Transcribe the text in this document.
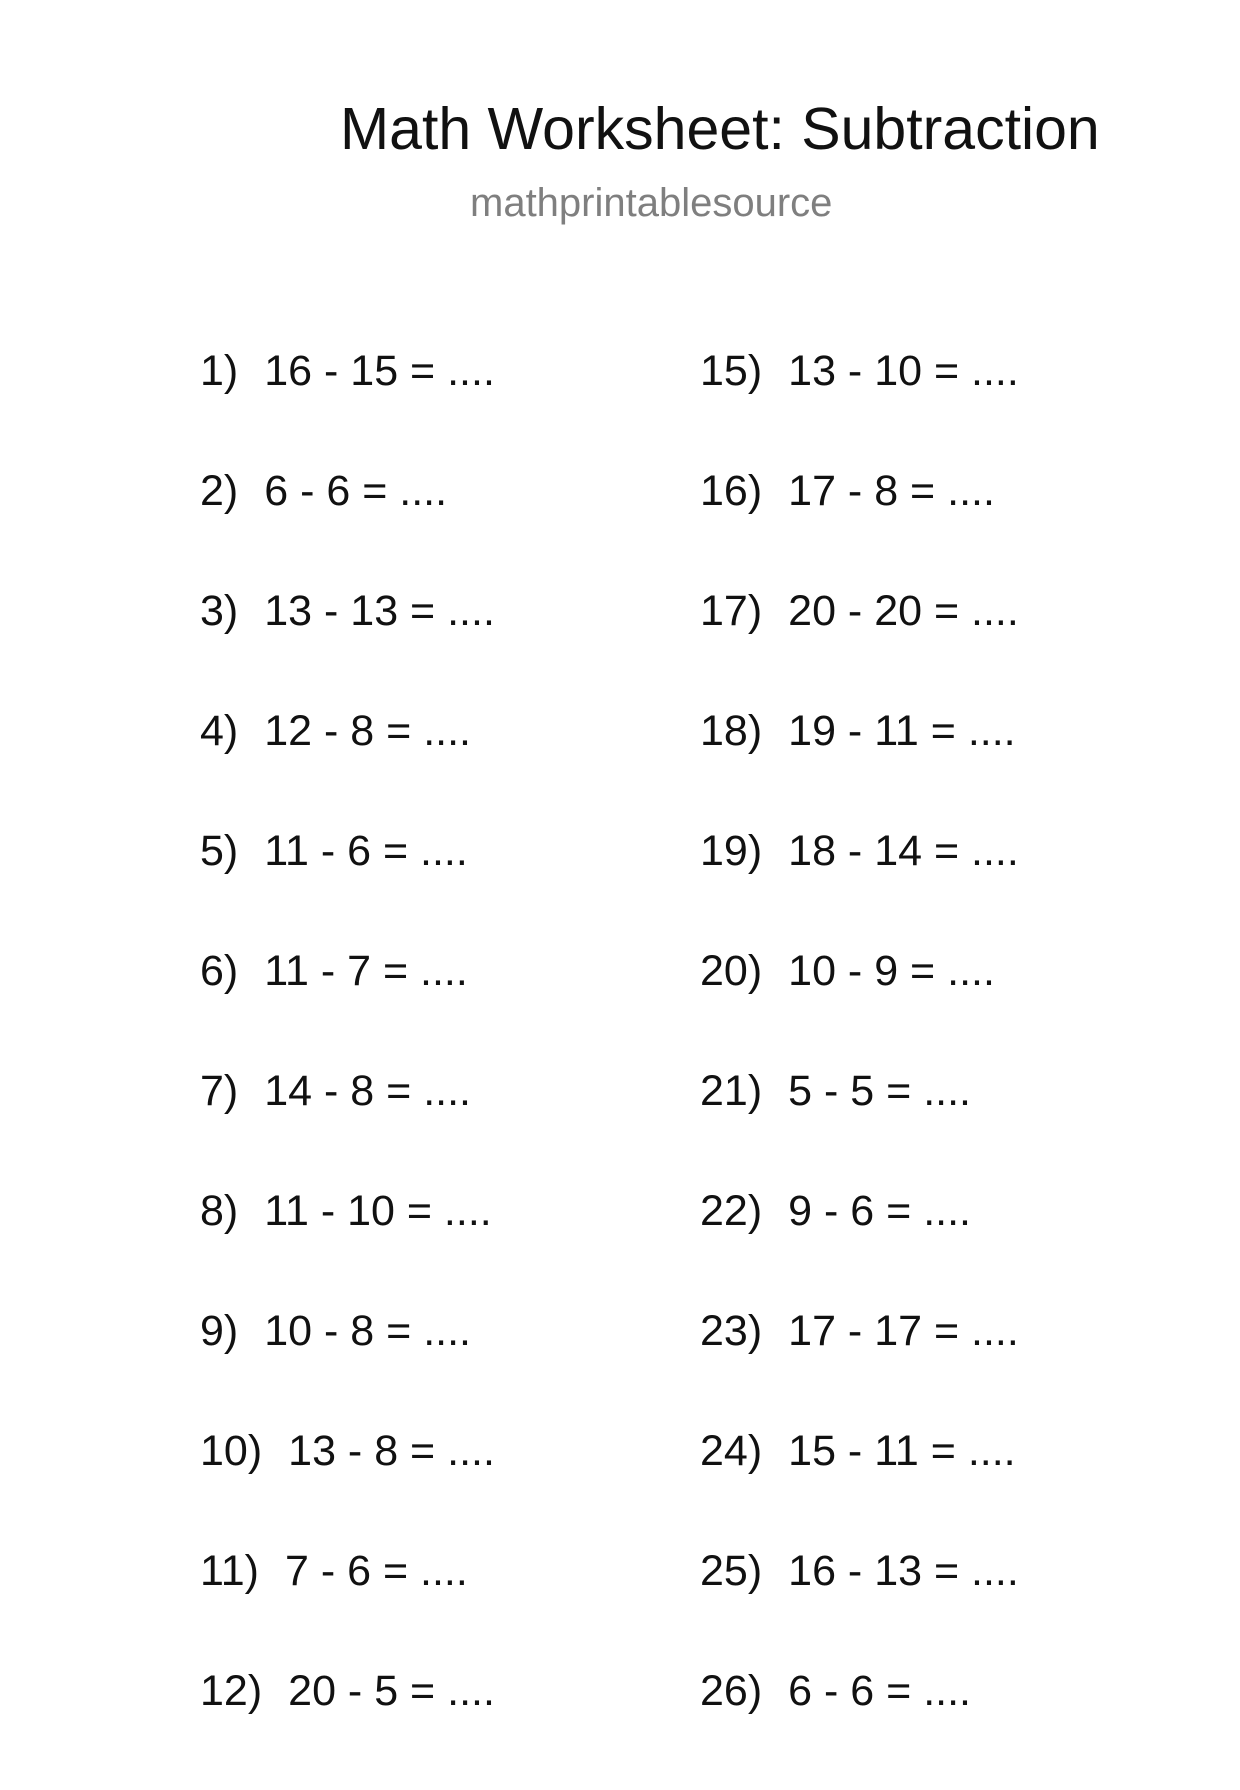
Math Worksheet: Subtraction
mathprintablesource
1) 16 - 15 = ....
2) 6 - 6 = ....
3) 13 - 13 = ....
4) 12 - 8 = ....
5) 11 - 6 = ....
6) 11 - 7 = ....
7) 14 - 8 = ....
8) 11 - 10 = ....
9) 10 - 8 = ....
10) 13 - 8 = ....
11) 7 - 6 = ....
12) 20 - 5 = ....
15) 13 - 10 = ....
16) 17 - 8 = ....
17) 20 - 20 = ....
18) 19 - 11 = ....
19) 18 - 14 = ....
20) 10 - 9 = ....
21) 5 - 5 = ....
22) 9 - 6 = ....
23) 17 - 17 = ....
24) 15 - 11 = ....
25) 16 - 13 = ....
26) 6 - 6 = ....
